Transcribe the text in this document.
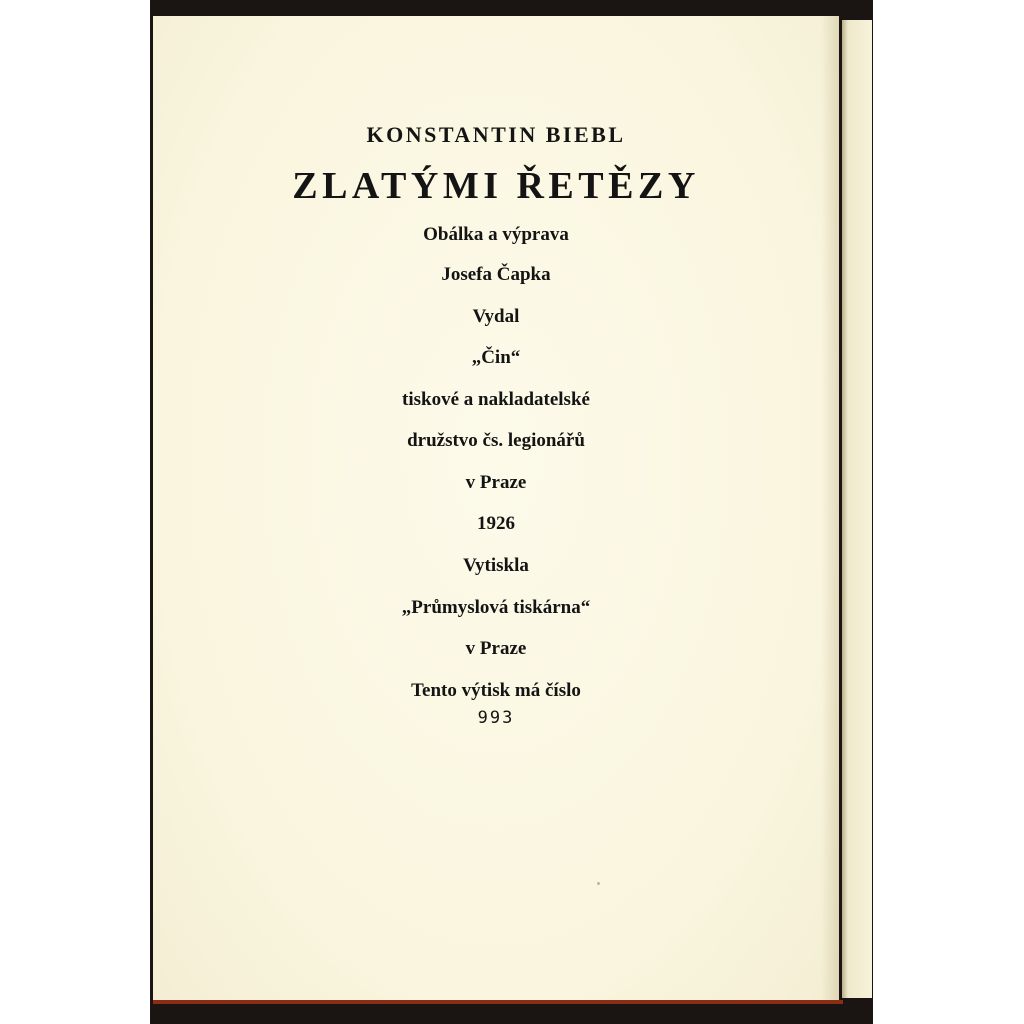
KONSTANTIN BIEBL
ZLATÝMI ŘETĚZY
Obálka a výprava
Josefa Čapka
Vydal
„Čin“
tiskové a nakladatelské
družstvo čs. legionářů
v Praze
1926
Vytiskla
„Průmyslová tiskárna“
v Praze
Tento výtisk má číslo
993
